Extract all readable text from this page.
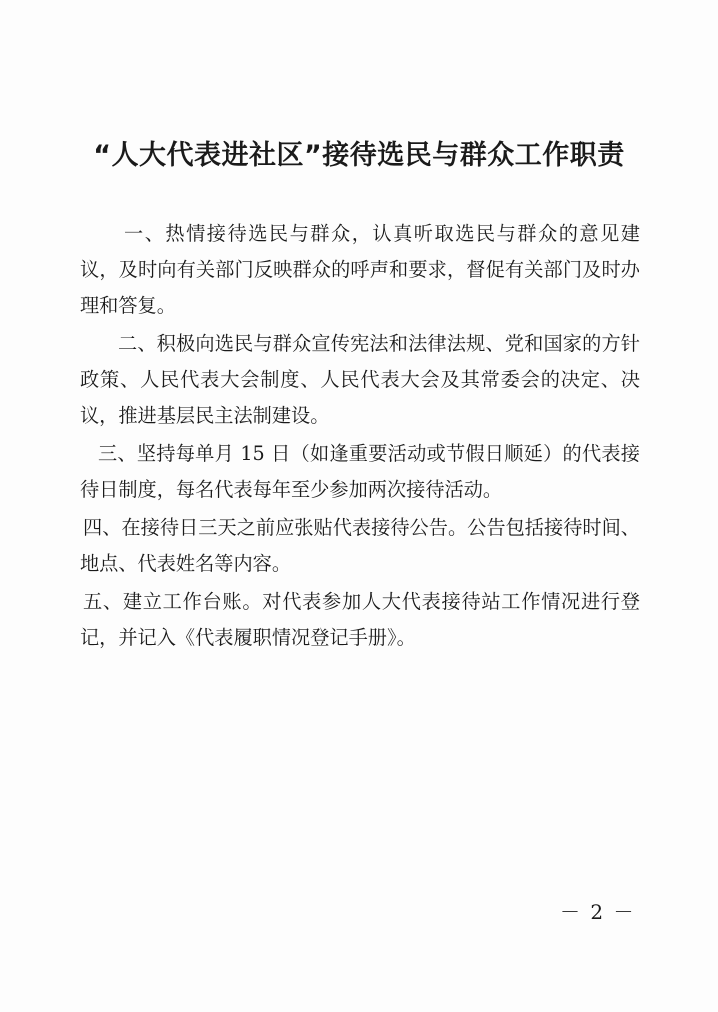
“人大代表进社区”接待选民与群众工作职责

一、热情接待选民与群众，认真听取选民与群众的意见建议，及时向有关部门反映群众的呼声和要求，督促有关部门及时办理和答复。

二、积极向选民与群众宣传宪法和法律法规、党和国家的方针政策、人民代表大会制度、人民代表大会及其常委会的决定、决议，推进基层民主法制建设。

三、坚持每单月 15 日（如逢重要活动或节假日顺延）的代表接待日制度，每名代表每年至少参加两次接待活动。

四、在接待日三天之前应张贴代表接待公告。公告包括接待时间、地点、代表姓名等内容。

五、建立工作台账。对代表参加人大代表接待站工作情况进行登记，并记入《代表履职情况登记手册》。

－ 2 －
